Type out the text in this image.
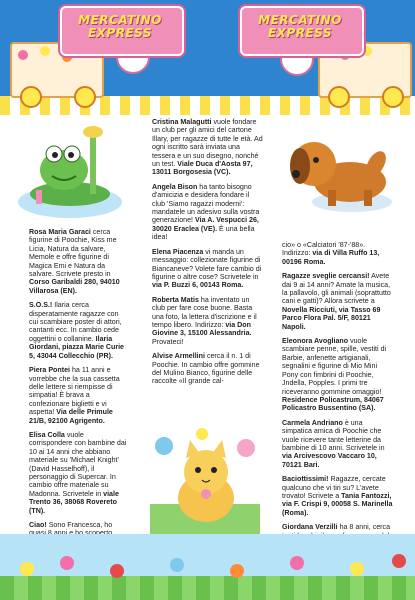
MERCATINO EXPRESS
MERCATINO EXPRESS

Rosa Maria Garaci cerca figurine di Poochie, Kiss me Licia, Natura da salvare, Memole e offre figurine di Magica Emi e Natura da salvare. Scrivete presto in Corso Garibaldi 280, 94010 Villarosa (EN).

S.O.S.! Ilaria cerca disperatamente ragazze con cui scambiare poster di attori, cantanti ecc. In cambio cede oggettini o collanine. Ilaria Giordani, piazza Marie Curie 5, 43044 Collecchio (PR).

Piera Pontei ha 11 anni e vorrebbe che la sua cassetta delle lettere si riempisse di simpatia! È brava a confezionare biglietti e vi aspetta! Via delle Primule 21/B, 92100 Agrigento.

Elisa Colla vuole corrispondere con bambine dai 10 ai 14 anni che abbiano materiale su 'Michael Knight' (David Hasselhoff), il personaggio di Supercar. In cambio offre materiale su Madonna. Scrivetele in viale Trento 36, 38068 Rovereto (TN).

Ciao! Sono Francesca, ho

Cristina Malagutti vuole fondare un club per gli amici del cartone Illary, per ragazze di tutte le età. Ad ogni iscritto sarà inviata una tessera e un suo disegno, nonché un test. Viale Duca d'Aosta 97, 13011 Borgosesia (VC).

Angela Bison ha tanto bisogno d'amicizia e desidera fondare il club 'Siamo ragazzi moderni': mandatele un adesivo sulla vostra generazione! Via A. Vespucci 26, 30020 Eraclea (VE). È una bella idea!

Elena Piacenza vi manda un messaggio: collezionate figurine di Biancaneve? Volete fare cambio di figurine o altre cose? Scrivetele in via P. Buzzi 6, 00143 Roma.

Roberta Matis ha inventato un club per fare cose buone. Basta una foto, la lettera d'iscrizione e il tempo libero. Indirizzo: via Don Giovine 3, 15100 Alessandria. Provateci!

Alvise Armellini cerca il n. 1 di Poochie. In cambio offre gommine del Mulino Bianco, figurine delle raccolte «Il grande cal-

cio» o «Calciatori '87-'88». Indirizzo: via di Villa Ruffo 13, 00196 Roma.

Ragazze sveglie cercansi! Avete dai 9 ai 14 anni? Amate la musica, la pallavolo, gli animali (soprattutto cani e gatti)? Allora scrivete a Novella Ricciuti, via Tasso 69 Parco Flora Pal. 5/F, 80121 Napoli.

Eleonora Avogliano vuole scambiare penne, spille, vestiti di Barbie, anfenette artigianali, segnalini e figurine di Mio Mini Pony con fimbrini di Poochie, Jndella, Popples. I primi tre riceveranno gommine omaggio! Residence Policastrum, 84067 Policastro Bussentino (SA).

Carmela Andriano è una simpatica amica di Poochie che vuole ricevere tante letterine da bambine di 10 anni. Scrivetele in via Arcivescovo Vaccaro 10, 70121 Bari.

Baciottissimi! Ragazze, cercate qualcuno che vi tiri su? L'avete trovato! Scrivete a Tania Fantozzi, via F. Crispi 9, 00058 S. Marinella (Roma).

Giordana Verzilli ha 8 anni, cerca
